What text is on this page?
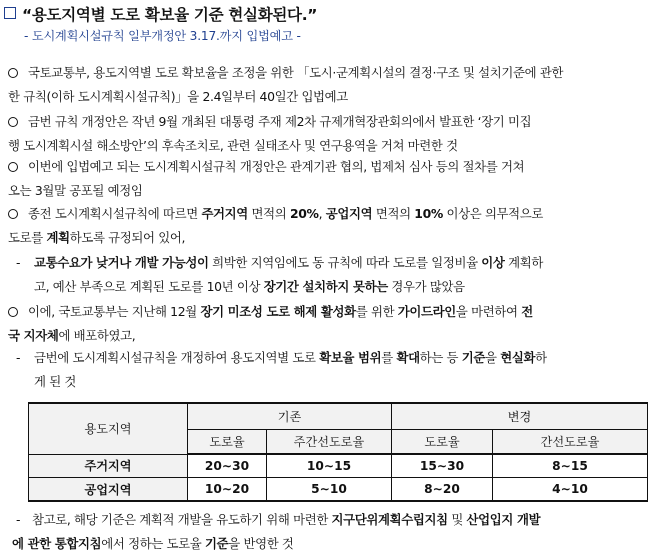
“용도지역별 도로 확보율 기준 현실화된다.”
- 도시계획시설규칙 일부개정안 3.17.까지 입법예고 -
국토교통부, 용도지역별 도로 확보율을 조정을 위한 「도시·군계획시설의 결정·구조 및 설치기준에 관한
한 규칙(이하 도시계획시설규칙)」을 2.4일부터 40일간 입법예고
금번 규칙 개정안은 작년 9월 개최된 대통령 주재 제2차 규제개혁장관회의에서 발표한 ‘장기 미집
행 도시계획시설 해소방안’의 후속조치로, 관련 실태조사 및 연구용역을 거쳐 마련한 것
이번에 입법예고 되는 도시계획시설규칙 개정안은 관계기관 협의, 법제처 심사 등의 절차를 거쳐
오는 3월말 공포될 예정임
종전 도시계획시설규칙에 따르면 주거지역 면적의 20%, 공업지역 면적의 10% 이상은 의무적으로
도로를 계획하도록 규정되어 있어,
-	교통수요가 낮거나 개발 가능성이 희박한 지역임에도 동 규칙에 따라 도로를 일정비율 이상 계획하
고, 예산 부족으로 계획된 도로를 10년 이상 장기간 설치하지 못하는 경우가 많았음
이에, 국토교통부는 지난해 12월 장기 미조성 도로 해제 활성화를 위한 가이드라인을 마련하여 전
국 지자체에 배포하였고,
-	금번에 도시계획시설규칙을 개정하여 용도지역별 도로 확보율 범위를 확대하는 등 기준을 현실화하
게 된 것
용도지역	기존		변경	
	도로율	주간선도로율	도로율	간선도로율
주거지역	20∼30	10∼15	15∼30	8∼15
공업지역	10∼20	5∼10	8∼20	4∼10
- 참고로, 해당 기준은 계획적 개발을 유도하기 위해 마련한 지구단위계획수립지침 및 산업입지 개발
에 관한 통합지침에서 정하는 도로율 기준을 반영한 것
